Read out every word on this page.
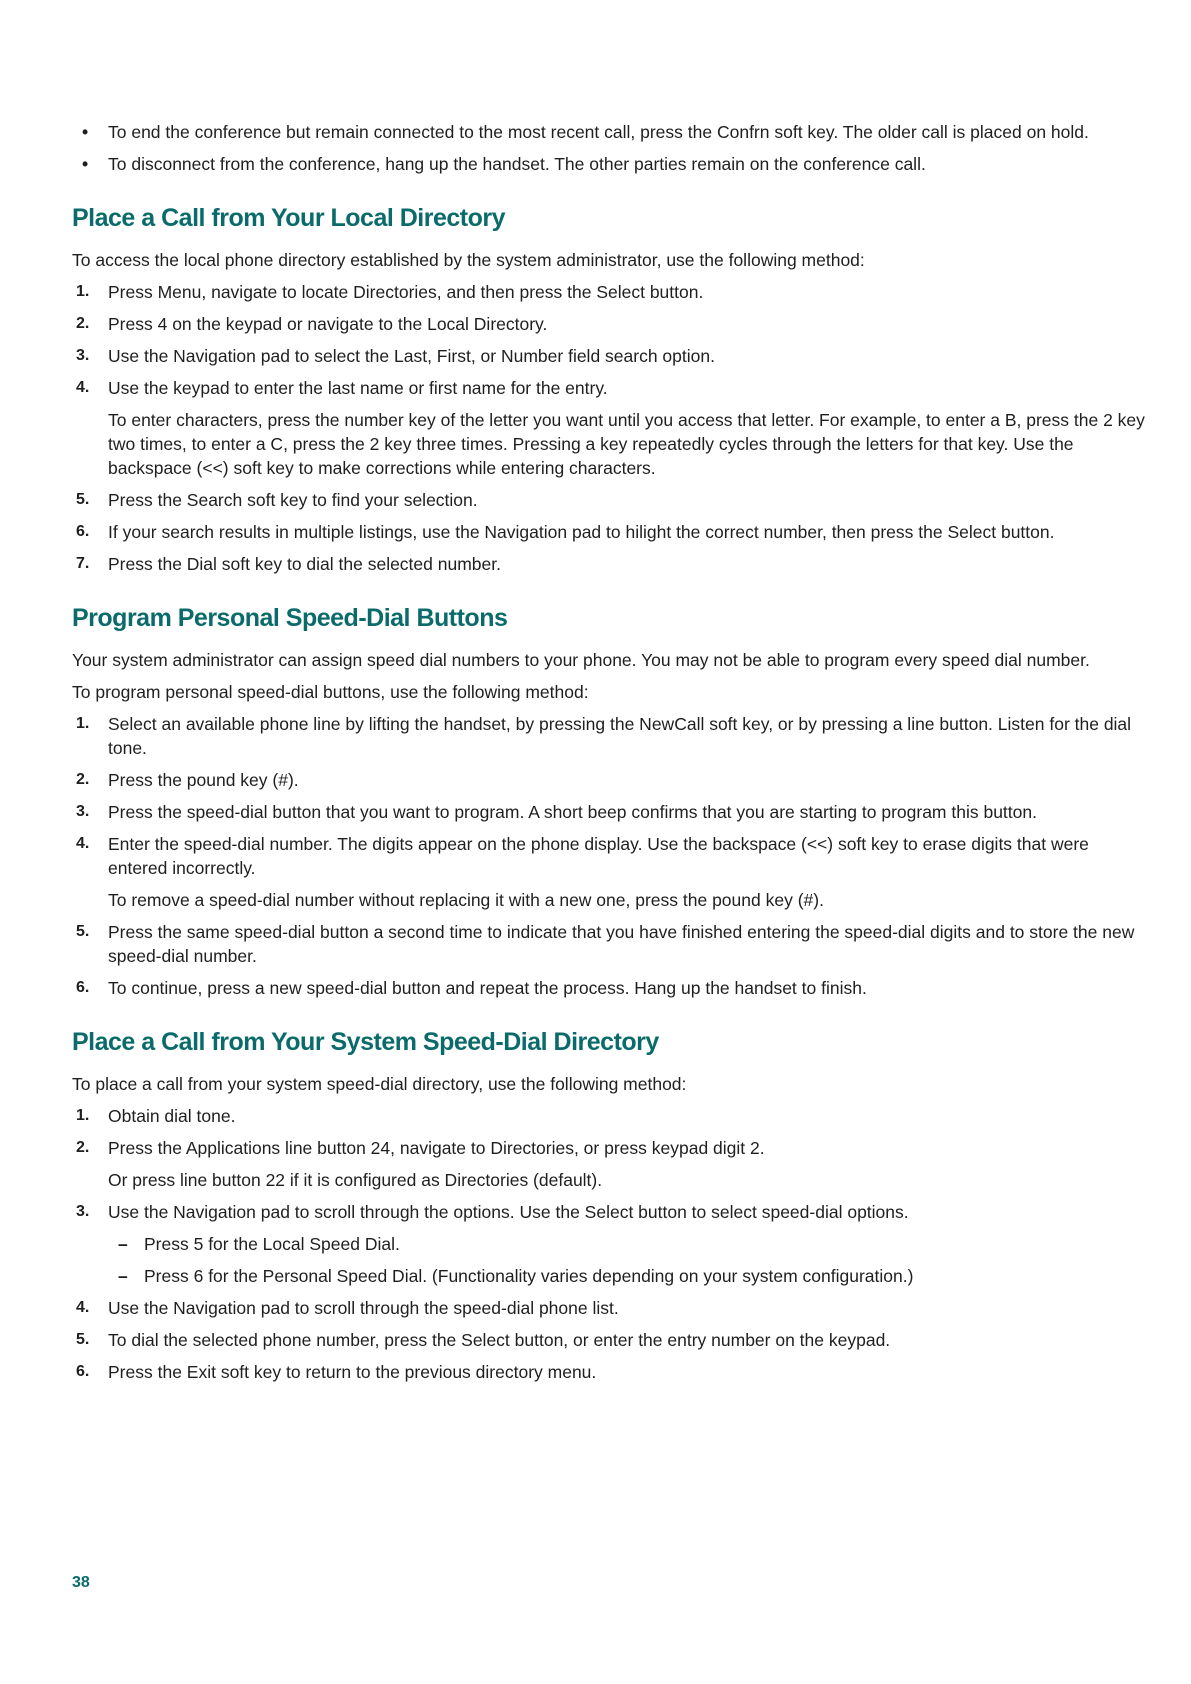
• To end the conference but remain connected to the most recent call, press the Confrn soft key. The older call is placed on hold.
• To disconnect from the conference, hang up the handset. The other parties remain on the conference call.
Place a Call from Your Local Directory

To access the local phone directory established by the system administrator, use the following method:

1. Press Menu, navigate to locate Directories, and then press the Select button.
2. Press 4 on the keypad or navigate to the Local Directory.
3. Use the Navigation pad to select the Last, First, or Number field search option.
4. Use the keypad to enter the last name or first name for the entry.

To enter characters, press the number key of the letter you want until you access that letter. For example, to enter a B, press the 2 key two times, to enter a C, press the 2 key three times. Pressing a key repeatedly cycles through the letters for that key. Use the backspace (<<) soft key to make corrections while entering characters.

5. Press the Search soft key to find your selection.
6. If your search results in multiple listings, use the Navigation pad to hilight the correct number, then press the Select button.
7. Press the Dial soft key to dial the selected number.
Program Personal Speed-Dial Buttons

Your system administrator can assign speed dial numbers to your phone. You may not be able to program every speed dial number.

To program personal speed-dial buttons, use the following method:

1. Select an available phone line by lifting the handset, by pressing the NewCall soft key, or by pressing a line button. Listen for the dial tone.
2. Press the pound key (#).
3. Press the speed-dial button that you want to program. A short beep confirms that you are starting to program this button.
4. Enter the speed-dial number. The digits appear on the phone display. Use the backspace (<<) soft key to erase digits that were entered incorrectly.

To remove a speed-dial number without replacing it with a new one, press the pound key (#).

5. Press the same speed-dial button a second time to indicate that you have finished entering the speed-dial digits and to store the new speed-dial number.
6. To continue, press a new speed-dial button and repeat the process. Hang up the handset to finish.
Place a Call from Your System Speed-Dial Directory

To place a call from your system speed-dial directory, use the following method:

1. Obtain dial tone.
2. Press the Applications line button 24, navigate to Directories, or press keypad digit 2.

Or press line button 22 if it is configured as Directories (default).

3. Use the Navigation pad to scroll through the options. Use the Select button to select speed-dial options.
– Press 5 for the Local Speed Dial.
– Press 6 for the Personal Speed Dial. (Functionality varies depending on your system configuration.)
4. Use the Navigation pad to scroll through the speed-dial phone list.
5. To dial the selected phone number, press the Select button, or enter the entry number on the keypad.
6. Press the Exit soft key to return to the previous directory menu.
38
